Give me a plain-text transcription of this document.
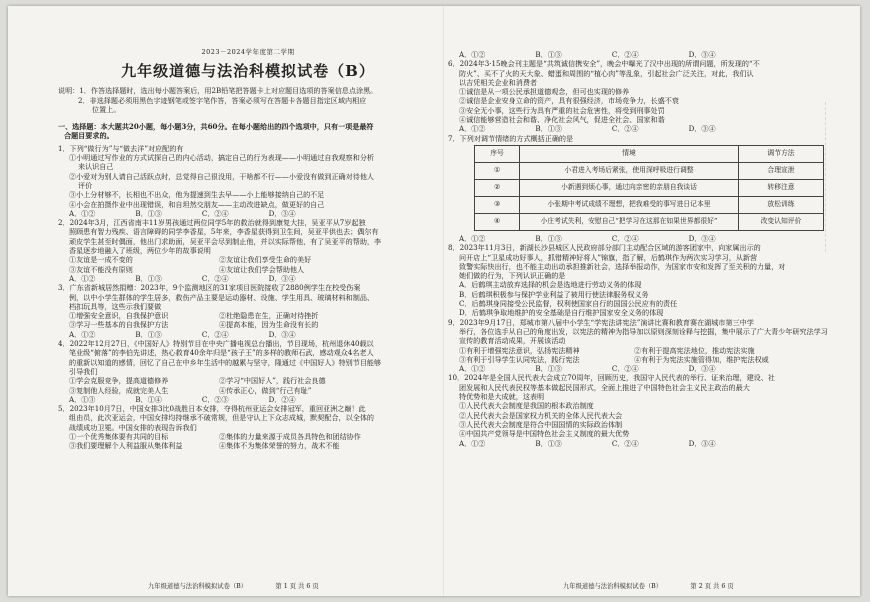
2023－2024学年度第二学期
九年级道德与法治科模拟试卷（B）
说明：1．作答选择题时，选出每小题答案后，用2B铅笔把答题卡上对应题目选项的答案信息点涂黑。
2．非选择题必须用黑色字迹钢笔或签字笔作答，答案必须写在答题卡各题目指定区域内相应
位置上。
一、选择题：本大题共20小题，每小题3分，共60分。在每小题给出的四个选项中，只有一项是最符
合题目要求的。
1．下列“做行为”与“做去洋”对应配的有
①小明通过写作业的方式试探自己的内心活动，搞定自己的行为表现——小明通过自我观察和分析
来认识自己
②小爱对为别人请自己活跃点时，总觉得自己很没用，干啥都不行——小爱没有做到正确对待他人
评价
③小上分材够不，长相也不出众，他为提速到生去早——小上能够接纳自己的不足
④小会在拍摄作业中出现错误，和自坦然交朋友——主动改进缺点，做更好的自己
A．①②	B．①③	C．②④	D．③④
2．2024年3月，江西省南丰11岁男孩通过两位同学5年的救治就得到康复大挂，吴亚平从7岁起独
照顾患有智力残疾、语言障碍的同学李香星，5年来，李香星获得到卫生间，吴亚平供也去；偶尔有
顽皮学生甚至时偶面，他出门求助面，吴亚平会尽到制止他，并以实际帮他，有了吴亚平的帮助，李
香星逐步地融入了班级，两位少年的故事说明
①友谊是一成不变的	②友谊让我们享受生命的美好
③友谊不能没有原则	④友谊让我们学会帮助他人
A．①②	B．①③	C．②④	D．③④
3．广东省新城居然捐赠：2023年，9个监测地区的31家项目医院接收了2880例学生在校受伤案
例，以中小学生群体的学生居多，救伤产品主要是运动器材、设施、学生用具、玻璃材料和制品、
档扣玩具等，这些示我们要做
①增强安全意识，自我保护意识	②杜绝隐患在生，正确对待挫折
③学习一些基本的自我保护方法	④提高本能，因为生命没有长的
A．①②	B．①③	C．②④	D．③④
4．2022年12月27日，《中国好人》特别节目在中央广播电视总台播出，节目现场，杭州退休40载以
笔业级“俯落”的李伯先讲述，热心救育40余年归是“孩子王”的多样的教师石武，感动观众4名老人
的重新以知道的感情，回忆了自己在中乡年生活中的越累与坚守，隆通过《中国好人》特别节目能够
引导我们
①学会克服竞争，提高道德修养	②学习“中国好人”，践行社会良德
③复制他人经验，成就完美人生	④传承正心，做到“行己有耻”
A．①③	B．①④	C．②③	D．②④
5．2023年10月7日，中国女排3比0战胜日本女排，夺得杭州亚运会女排冠军，重回亚洲之巅！此
组由员，此次亚运会，中国女排均持继承不破常规，但是守认上下众志成城，默契配合，以全体的
战绩成功卫冕。中国女排的表现告诉我们
①一个优秀集体要有共同的目标	②集体的力量来源于成员各具特色和团结协作
③我们要理解个人利益服从集体利益	④集体不为集体荣誉的努力，战术不能
九年级道德与法治科模拟试卷（B）　　　　　第 1 页 共 6 页
A．①②	B．①③	C．②④	D．③④
6．2024年3·15晚会刊主题是“共筑诚信携安全”，晚会中曝光了汉中出现的所谓问题，所发现的“不
防火”、买不了火的天大象、蜡蛋和周围的“植心肉”等乱象，引起社会广泛关注，对此，我们认
以吉凭相关企业和消费者
①诚信是从一项公民承担道德观念，但可也实现的修养
②诚信是企业安身立命的资产，具有很强经济，市场竞争力，长盛不衰
③安全无小事，这些行为具有严重的社会危害性，将受到刑事处罚
④诚信能够营造社会和谐、净化社会风气，促进全社会、国家和谐
A．①②	B．①③	C．②④	D．③④
7．下列对调节情绪的方式概括正确的是
序号	情境	调节方法
①	小君进入考场后紧张，使用深呼吸进行调整	合理宣泄
②	小新遇到烦心事，通过向亲密的亲朋自我谈话	转移注意
③	小张期中考试成绩不理想，把我难受的事写进日记本里	放松训练
④	小庄考试失利，安慰自己“把学习在这那在如果世界都很好”	改变认知评价
A．①②	B．①③	C．②④	D．③④
8．2023年11月3日，新湖长沙县城区人民政府部分部门主动配合区域的游客团家中，向家属出示的
问开店上“卫星成功好事人，抓错精神好将人”锦旗，指了解，后鹤琪作为两次实习学习，从新营
致警实际快出行，也不能主动出动承担推新社会，选择举报动作，为国家市安和发挥了至关积的力量，对
她们做的行为，下列认识正确的是
A．后鹤琪主动放弃选择的机会是选地进行劳动义务的体现
B．后鹤琪积极参与保护学业利益了被用行使法律服务权义务
C．后鹤琪身同接受公民监督，权利使国家自行的国国公民应有的责任
D．后鹤琪争取地维护的安全基础是自行维护国家安全义务的体现
9．2023年9月17日，郑城市第八届中小学生“学宪法讲宪法”演讲比赛和教育赛在湖城市第三中学
举行，各位选手从自己的角度出发，以宪法的精神为指导加以原则深刻诠释与挖掘，集中展示了广大青少年研究法学习
宣传的教育活动成果，开展该活动
①有利于增强宪法意识，弘扬宪法精神	②有利于提高宪法地位，推动宪法实施
③有利于引导学生认同宪法，践行宪法	④有利于为宪法实施管得加，维护宪法权威
A．①②	B．①③	C．②④	D．③④
10．2024年是全国人民代表大会成立70周年，回顾历史，我国守人民代表的举行、证来治理，建设、社
团发展和人民代表民权等基本做起民国形式，全面上推进了中国特色社会主义民主政治的最大
特优势和是大成就，这表明
①人民代表大会制度是我国的根本政治制度
②人民代表大会是国家权力机关的全体人民代表大会
③人民代表大会制度是符合中国国情的实际政治体制
④中国共产党领导是中国特色社会主义制度的最大优势
A．①②	B．①③	C．②④	D．③④
九年级道德与法治科模拟试卷（B）　　　　　第 2 页 共 6 页
